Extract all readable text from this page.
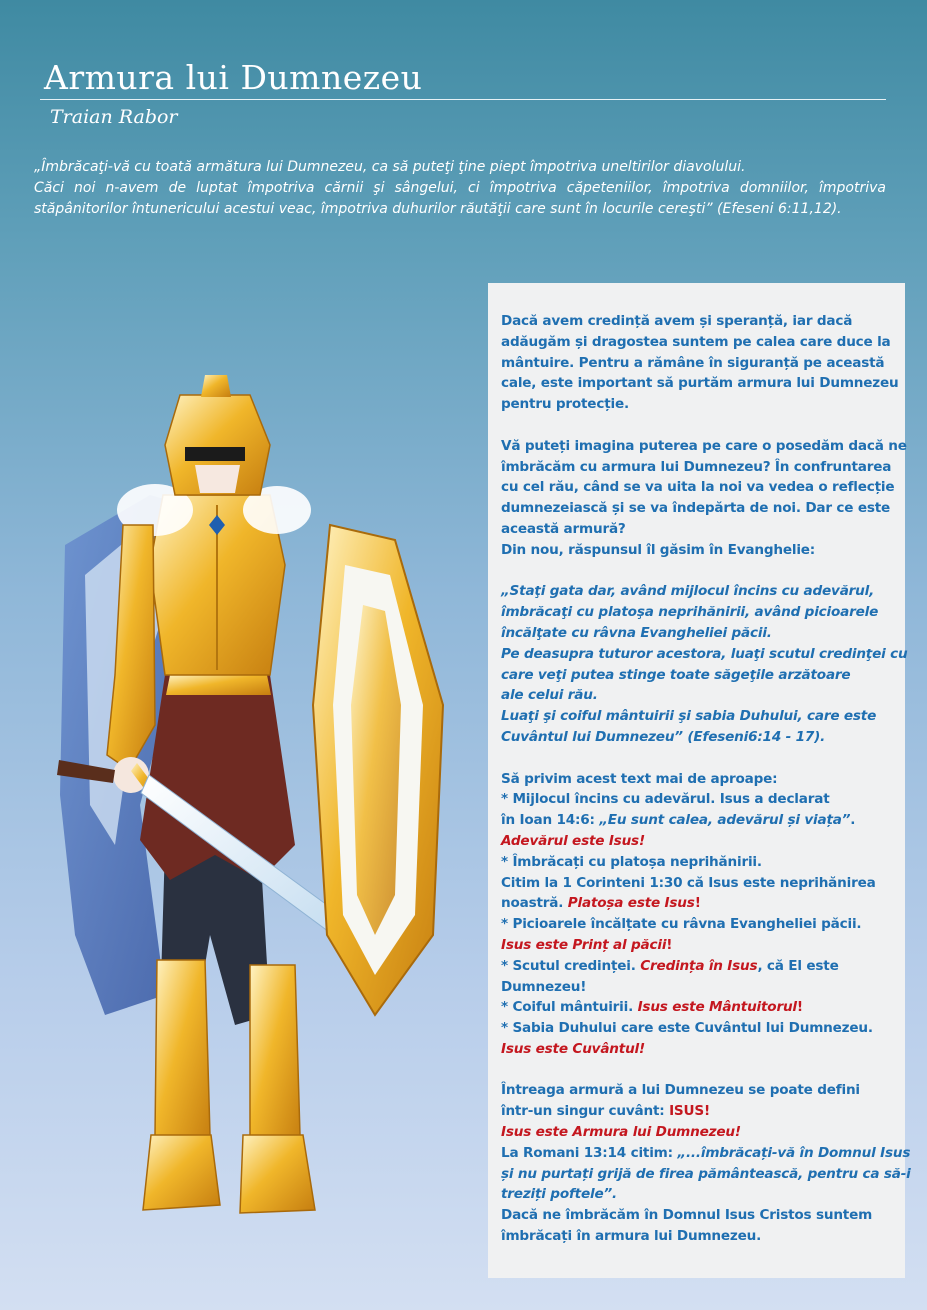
Armura lui Dumnezeu
Traian Rabor

„Îmbrăcaţi-vă cu toată armătura lui Dumnezeu, ca să puteţi ţine piept împotriva uneltirilor diavolului.

Căci noi n-avem de luptat împotriva cărnii şi sângelui, ci împotriva căpeteniilor, împotriva domniilor, împotriva stăpânitorilor întunericului acestui veac, împotriva duhurilor răutăţii care sunt în locurile cereşti” (Efeseni 6:11,12).

Dacă avem credință avem și speranță, iar dacă
adăugăm și dragostea suntem pe calea care duce la
mântuire. Pentru a rămâne în siguranță pe această
cale, este important să purtăm armura lui Dumnezeu
pentru protecție.
Vă puteți imagina puterea pe care o posedăm dacă ne
îmbrăcăm cu armura lui Dumnezeu? În confruntarea
cu cel rău, când se va uita la noi va vedea o reflecție
dumnezeiască și se va îndepărta de noi. Dar ce este
această armură?
Din nou, răspunsul îl găsim în Evanghelie:
„Staţi gata dar, având mijlocul încins cu adevărul,
îmbrăcaţi cu platoşa neprihănirii, având picioarele
încălţate cu râvna Evangheliei păcii.
Pe deasupra tuturor acestora, luaţi scutul credinţei cu
care veţi putea stinge toate săgeţile arzătoare
ale celui rău.
Luaţi şi coiful mântuirii şi sabia Duhului, care este
Cuvântul lui Dumnezeu” (Efeseni6:14 - 17).
Să privim acest text mai de aproape:
* Mijlocul încins cu adevărul. Isus a declarat
în Ioan 14:6: „Eu sunt calea, adevărul și viața”.
Adevărul este Isus!
* Îmbrăcați cu platoșa neprihănirii.
Citim la 1 Corinteni 1:30 că Isus este neprihănirea
noastră. Platoșa este Isus!
* Picioarele încălțate cu râvna Evangheliei păcii.
Isus este Prinț al păcii!
* Scutul credinței. Credința în Isus, că El este
Dumnezeu!
* Coiful mântuirii. Isus este Mântuitorul!
* Sabia Duhului care este Cuvântul lui Dumnezeu.
Isus este Cuvântul!
Întreaga armură a lui Dumnezeu se poate defini
într-un singur cuvânt: ISUS!
Isus este Armura lui Dumnezeu!
La Romani 13:14 citim: „...îmbrăcați-vă în Domnul Isus
și nu purtați grijă de firea pământească, pentru ca să-i
treziți poftele”.
Dacă ne îmbrăcăm în Domnul Isus Cristos suntem
îmbrăcați în armura lui Dumnezeu.
